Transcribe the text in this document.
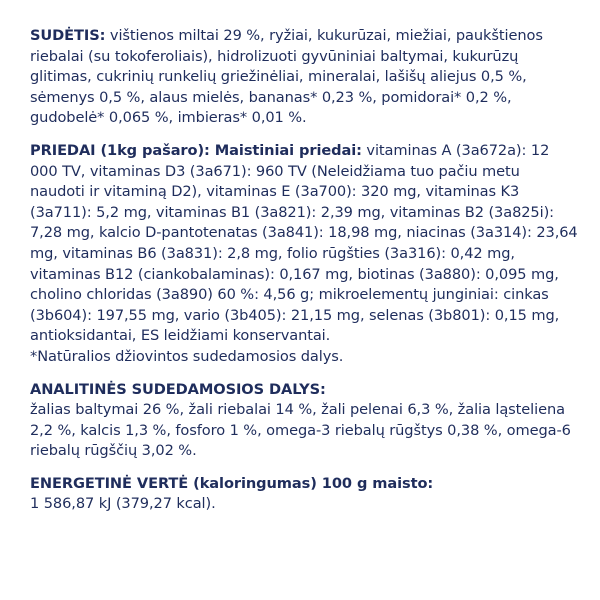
SUDĖTIS: vištienos miltai 29 %, ryžiai, kukurūzai, miežiai, paukštienos riebalai (su tokoferoliais), hidrolizuoti gyvūniniai baltymai, kukurūzų glitimas, cukrinių runkelių griežinėliai, mineralai, lašišų aliejus 0,5 %, sėmenys 0,5 %, alaus mielės, bananas* 0,23 %, pomidorai* 0,2 %, gudobelė* 0,065 %, imbieras* 0,01 %.

PRIEDAI (1kg pašaro): Maistiniai priedai: vitaminas A (3a672a): 12 000 TV, vitaminas D3 (3a671): 960 TV (Neleidžiama tuo pačiu metu naudoti ir vitaminą D2), vitaminas E (3a700): 320 mg, vitaminas K3 (3a711): 5,2 mg, vitaminas B1 (3a821): 2,39 mg, vitaminas B2 (3a825i): 7,28 mg, kalcio D-pantotenatas (3a841): 18,98 mg, niacinas (3a314): 23,64 mg, vitaminas B6 (3a831): 2,8 mg, folio rūgšties (3a316): 0,42 mg, vitaminas B12 (ciankobalaminas): 0,167 mg, biotinas (3a880): 0,095 mg, cholino chloridas (3a890) 60 %: 4,56 g; mikroelementų junginiai: cinkas (3b604): 197,55 mg, vario (3b405): 21,15 mg, selenas (3b801): 0,15 mg, antioksidantai, ES leidžiami konservantai.

*Natūralios džiovintos sudedamosios dalys.

ANALITINĖS SUDEDAMOSIOS DALYS:

žalias baltymai 26 %, žali riebalai 14 %, žali pelenai 6,3 %, žalia ląsteliena 2,2 %, kalcis 1,3 %, fosforo 1 %, omega-3 riebalų rūgštys 0,38 %, omega-6 riebalų rūgščių 3,02 %.

ENERGETINĖ VERTĖ (kaloringumas) 100 g maisto:

1 586,87 kJ (379,27 kcal).
